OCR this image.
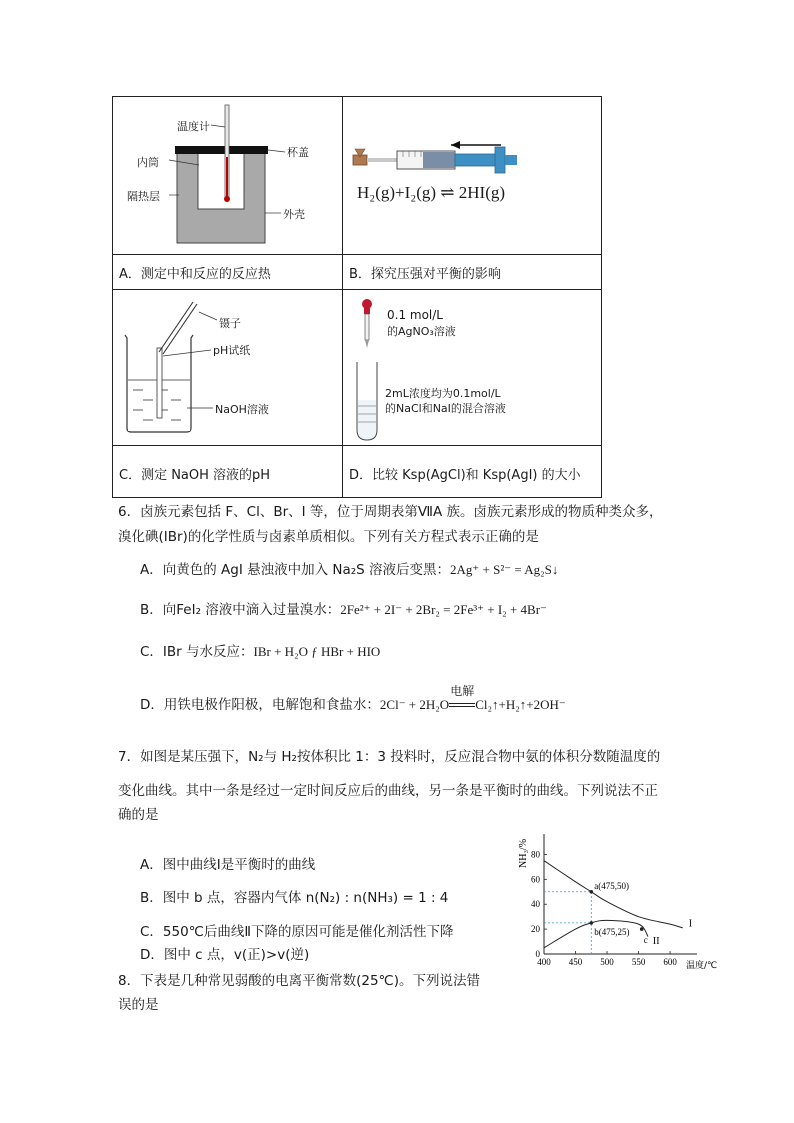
温度计
杯盖
内筒
隔热层
外壳
H₂(g)+I₂(g) ⇌ 2HI(g)
A．测定中和反应的反应热	B．探究压强对平衡的影响
镊子
pH试纸
NaOH溶液
0.1 mol/L
的AgNO₃溶液
2mL浓度均为0.1mol/L
的NaCl和NaI的混合溶液
C．测定 NaOH 溶液的pH	D．比较 Ksp(AgCl)和 Ksp(AgI) 的大小
6．卤族元素包括 F、Cl、Br、I 等，位于周期表第ⅦA 族。卤族元素形成的物质种类众多，
溴化碘(IBr)的化学性质与卤素单质相似。下列有关方程式表示正确的是
A．向黄色的 AgI 悬浊液中加入 Na₂S 溶液后变黑：2Ag⁺ + S²⁻ = Ag₂S↓
B．向FeI₂ 溶液中滴入过量溴水：2Fe²⁺ + 2I⁻ + 2Br₂ = 2Fe³⁺ + I₂ + 4Br⁻
C．IBr 与水反应：IBr + H₂O ƒ HBr + HIO
D．用铁电极作阳极，电解饱和食盐水：2Cl⁻ + 2H₂O
电解
Cl₂↑+H₂↑+2OH⁻
7．如图是某压强下，N₂与 H₂按体积比 1：3 投料时，反应混合物中氨的体积分数随温度的
变化曲线。其中一条是经过一定时间反应后的曲线，另一条是平衡时的曲线。下列说法不正
确的是
A．图中曲线Ⅰ是平衡时的曲线
B．图中 b 点，容器内气体 n(N₂) : n(NH₃) = 1 : 4
C．550℃后曲线Ⅱ下降的原因可能是催化剂活性下降
D．图中 c 点，v(正)>v(逆)
8．下表是几种常见弱酸的电离平衡常数(25℃)。下列说法错
误的是
NH₃/%
温度/℃
400 450 500 550 600
0
20
40
60
80
a(475,50)
b(475,25)
c
I
II
